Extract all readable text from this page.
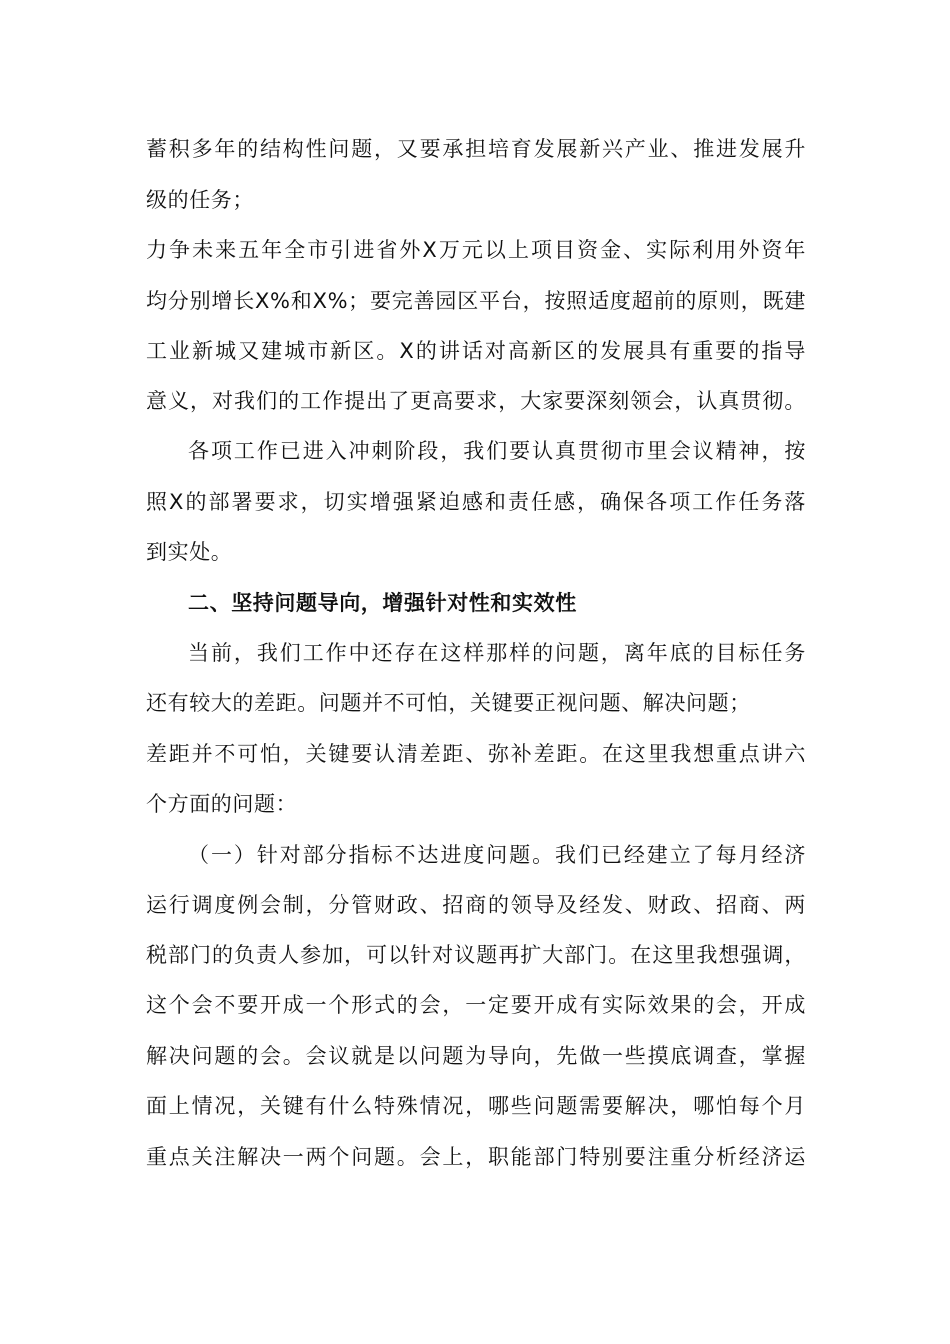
蓄积多年的结构性问题，又要承担培育发展新兴产业、推进发展升
级的任务；
力争未来五年全市引进省外X万元以上项目资金、实际利用外资年
均分别增长X%和X%；要完善园区平台，按照适度超前的原则，既建
工业新城又建城市新区。X的讲话对高新区的发展具有重要的指导
意义，对我们的工作提出了更高要求，大家要深刻领会，认真贯彻。
各项工作已进入冲刺阶段，我们要认真贯彻市里会议精神，按
照X的部署要求，切实增强紧迫感和责任感，确保各项工作任务落
到实处。
二、坚持问题导向，增强针对性和实效性
当前，我们工作中还存在这样那样的问题，离年底的目标任务
还有较大的差距。问题并不可怕，关键要正视问题、解决问题；
差距并不可怕，关键要认清差距、弥补差距。在这里我想重点讲六
个方面的问题：
（一）针对部分指标不达进度问题。我们已经建立了每月经济
运行调度例会制，分管财政、招商的领导及经发、财政、招商、两
税部门的负责人参加，可以针对议题再扩大部门。在这里我想强调，
这个会不要开成一个形式的会，一定要开成有实际效果的会，开成
解决问题的会。会议就是以问题为导向，先做一些摸底调查，掌握
面上情况，关键有什么特殊情况，哪些问题需要解决，哪怕每个月
重点关注解决一两个问题。会上，职能部门特别要注重分析经济运
